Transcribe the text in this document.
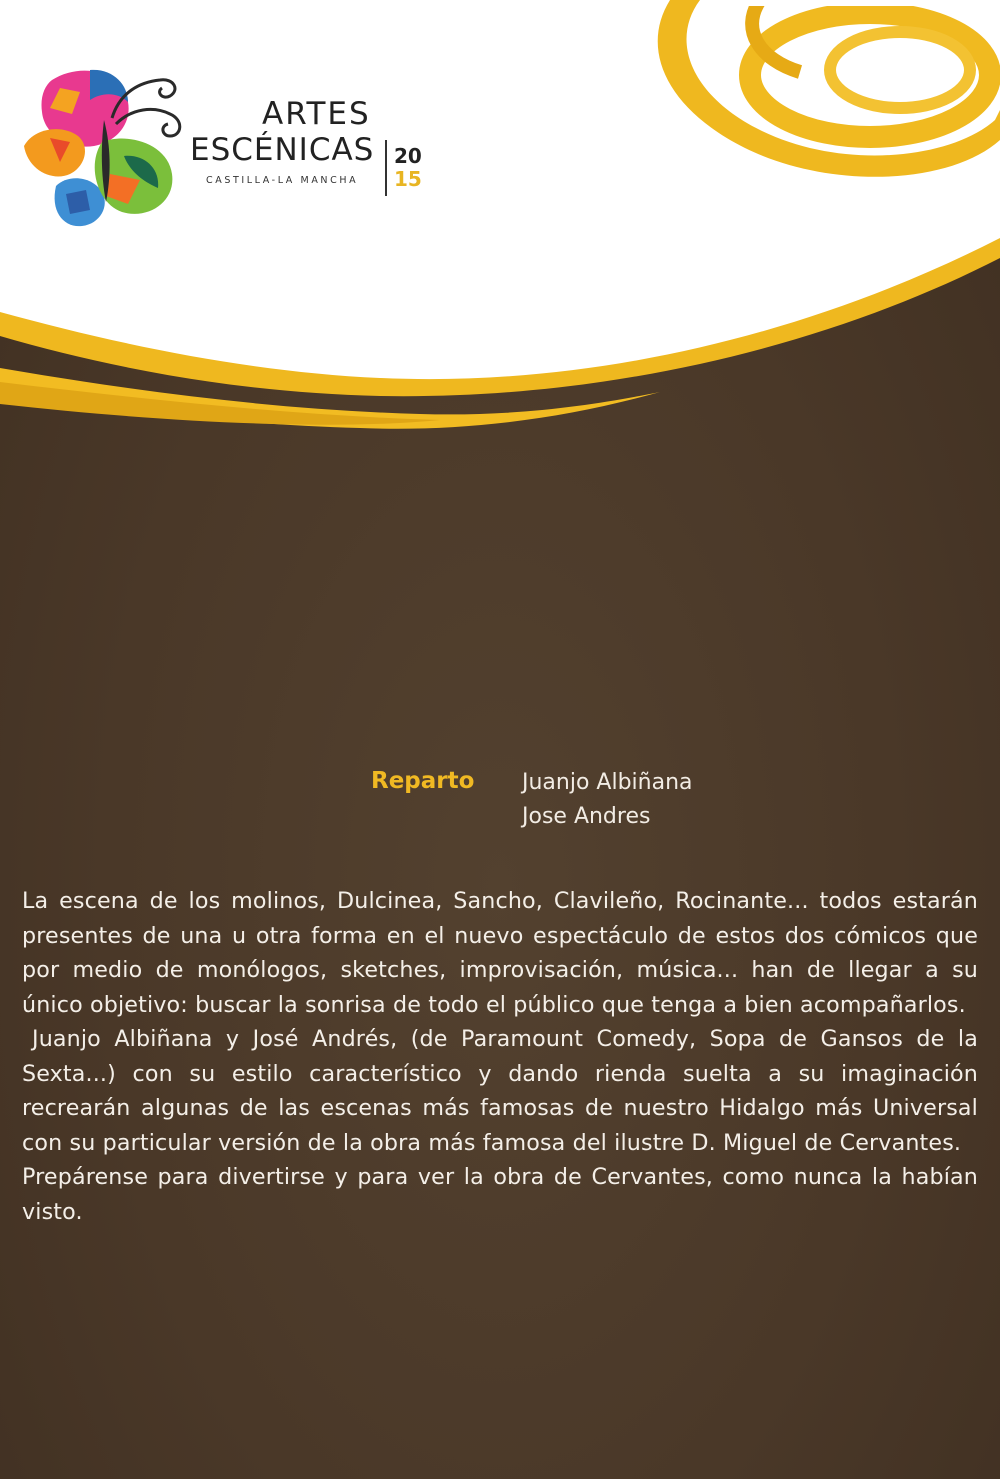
ARTES
ESCÉNICAS
CASTILLA-LA MANCHA
20
15
Reparto Juanjo Albiñana
Jose Andres

La escena de los molinos, Dulcinea, Sancho, Clavileño, Rocinante... todos estarán presentes de una u otra forma en el nuevo espectáculo de estos dos cómicos que por medio de monólogos, sketches, improvisación, música... han de llegar a su único objetivo: buscar la sonrisa de todo el público que tenga a bien acompañarlos.

Juanjo Albiñana y José Andrés, (de Paramount Comedy, Sopa de Gansos de la Sexta...) con su estilo característico y dando rienda suelta a su imaginación recrearán algunas de las escenas más famosas de nuestro Hidalgo más Universal con su particular versión de la obra más famosa del ilustre D. Miguel de Cervantes.

Prepárense para divertirse y para ver la obra de Cervantes, como nunca la habían visto.
